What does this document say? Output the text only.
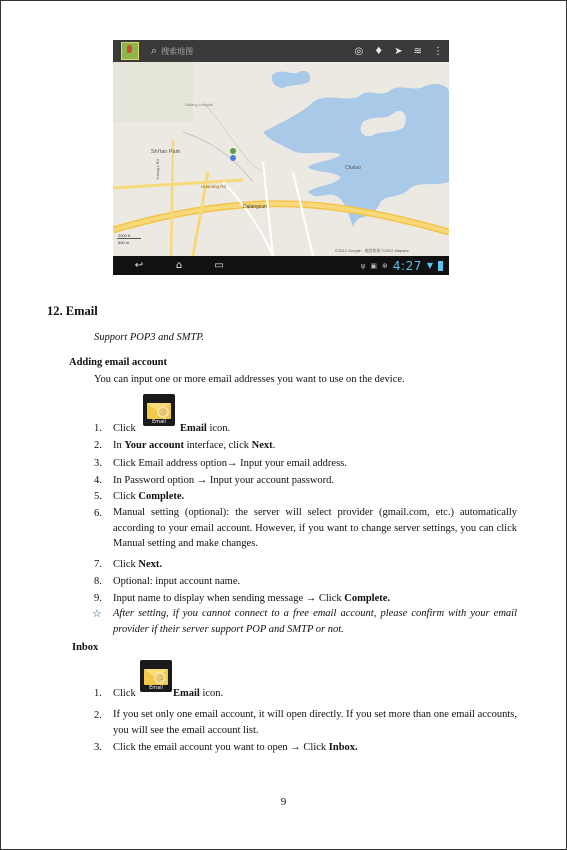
⌕ 搜索地图	◎ ♦ ➤ ≋ ⋮
Shi'lao Park
Dalang Hospital
Chalao
Dalangcun
Huaming Rd
Yuangui Rd
2000 ft
500 m
©2012 Google · 地图数据 ©2012 Mapabc
↩	⌂	▭	ψ ▣ ⊕ 4:27 ▼
12. Email
Support POP3 and SMTP.
Adding email account
You can input one or more email addresses you want to use on the device.
1. Click
@
Email
Email icon.
2. In Your account interface, click Next.
3. Click Email address option→ Input your email address.
4. In Password option → Input your account password.
5. Click Complete.
6. Manual setting (optional): the server will select provider (gmail.com, etc.) automatically according to your email account. However, if you want to change server settings, you can click Manual setting and make changes.
7. Click Next.
8. Optional: input account name.
9. Input name to display when sending message → Click Complete.
☆ After setting, if you cannot connect to a free email account, please confirm with your email provider if their server support POP and SMTP or not.
Inbox
1. Click
@
Email Email icon.
2. If you set only one email account, it will open directly. If you set more than one email accounts, you will see the email account list.
3. Click the email account you want to open → Click Inbox.
9
